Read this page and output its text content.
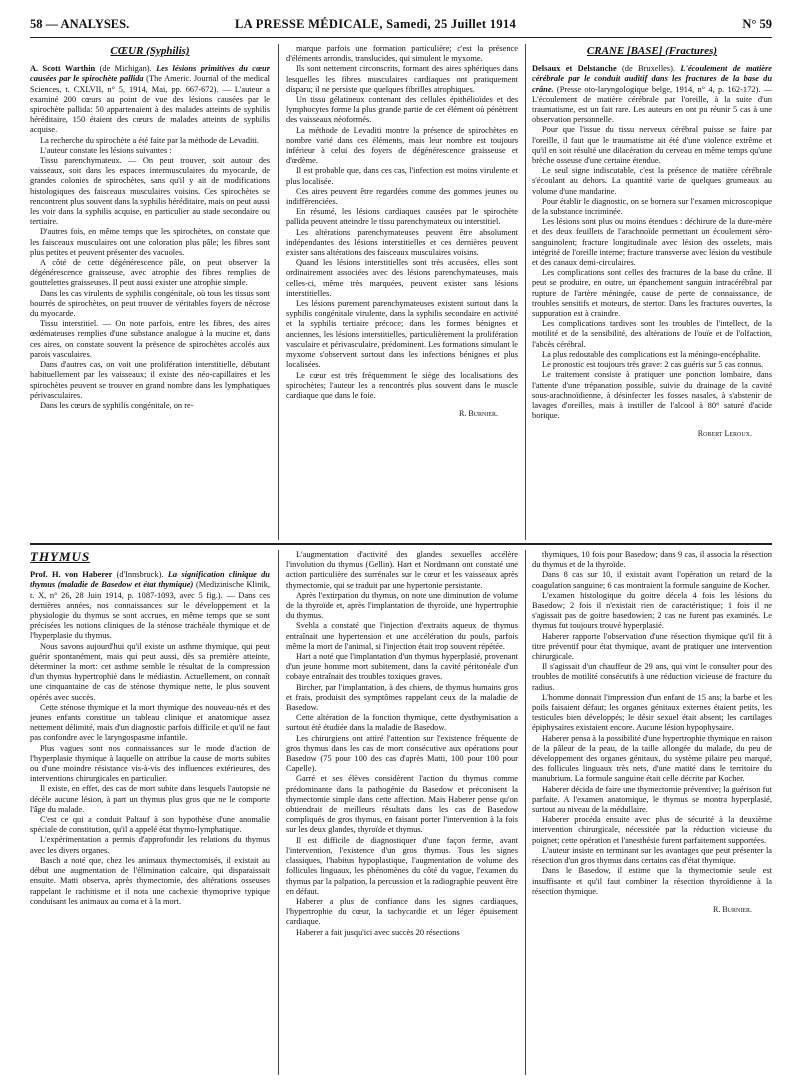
58 — ANALYSES.	LA PRESSE MÉDICALE, Samedi, 25 Juillet 1914	N° 59
CŒUR (Syphilis)

A. Scott Warthin (de Michigan). Les lésions primitives du cœur causées par le spirochète pallida (The Americ. Journal of the medical Sciences, t. CXLVII, n° 5, 1914, Mai, pp. 667-672). — L'auteur a examiné 200 cœurs au point de vue des lésions causées par le spirochète pallida: 50 appartenaient à des malades atteints de syphilis héréditaire, 150 étaient des cœurs de malades atteints de syphilis acquise.

La recherche du spirochète a été faite par la méthode de Levaditi.

L'auteur constate les lésions suivantes :

Tissu parenchymateux. — On peut trouver, soit autour des vaisseaux, soit dans les espaces intermusculaires du myocarde, de grandes colonies de spirochètes, sans qu'il y ait de modifications histologiques des faisceaux musculaires voisins. Ces spirochètes se rencontrent plus souvent dans la syphilis héréditaire, mais on peut aussi les voir dans la syphilis acquise, en particulier au stade secondaire ou tertiaire.

D'autres fois, en même temps que les spirochètes, on constate que les faisceaux musculaires ont une coloration plus pâle; les fibres sont plus petites et peuvent présenter des vacuoles.

A côté de cette dégénérescence pâle, on peut observer la dégénérescence graisseuse, avec atrophie des fibres remplies de gouttelettes graisseuses. Il peut aussi exister une atrophie simple.

Dans les cas virulents de syphilis congénitale, où tous les tissus sont bourrés de spirochètes, on peut trouver de véritables foyers de nécrose du myocarde.

Tissu interstitiel. — On note parfois, entre les fibres, des aires œdémateuses remplies d'une substance analogue à la mucine et, dans ces aires, on constate souvent la présence de spirochètes accolés aux parois vasculaires.

Dans d'autres cas, on voit une prolifération interstitielle, débutant habituellement par les vaisseaux; il existe des néo-capillaires et les spirochètes peuvent se trouver en grand nombre dans les lymphatiques périvasculaires.

Dans les cœurs de syphilis congénitale, on re-

marque parfois une formation particulière; c'est la présence d'éléments arrondis, translucides, qui simulent le myxome.

Ils sont nettement circonscrits, formant des aires sphériques dans lesquelles les fibres musculaires cardiaques ont pratiquement disparu; il ne persiste que quelques fibrilles atrophiques.

Un tissu gélatineux contenant des cellules épithélioïdes et des lymphocytes forme la plus grande partie de cet élément où pénètrent des vaisseaux néoformés.

La méthode de Levaditi montre la présence de spirochètes en nombre varié dans ces éléments, mais leur nombre est toujours inférieur à celui des foyers de dégénérescence graisseuse et d'œdème.

Il est probable que, dans ces cas, l'infection est moins virulente et plus localisée.

Ces aires peuvent être regardées comme des gommes jeunes ou indifférenciées.

En résumé, les lésions cardiaques causées par le spirochète pallida peuvent atteindre le tissu parenchymateux ou interstitiel.

Les altérations parenchymateuses peuvent être absolument indépendantes des lésions interstitielles et ces dernières peuvent exister sans altérations des faisceaux musculaires voisins.

Quand les lésions interstitielles sont très accusées, elles sont ordinairement associées avec des lésions parenchymateuses, mais celles-ci, même très marquées, peuvent exister sans lésions interstitielles.

Les lésions purement parenchymateuses existent surtout dans la syphilis congénitale virulente, dans la syphilis secondaire en activité et la syphilis tertiaire précoce; dans les formes bénignes et anciennes, les lésions interstitielles, particulièrement la prolifération vasculaire et périvasculaire, prédominent. Les formations simulant le myxome s'observent surtout dans les infections bénignes et plus localisées.

Le cœur est très fréquemment le siège des localisations des spirochètes; l'auteur les a rencontrés plus souvent dans le muscle cardiaque que dans le foie.

R. Burnier.
CRANE [BASE] (Fractures)

Delsaux et Delstanche (de Bruxelles). L'écoulement de matière cérébrale par le conduit auditif dans les fractures de la base du crâne. (Presse oto-laryngologique belge, 1914, n° 4, p. 162-172). — L'écoulement de matière cérébrale par l'oreille, à la suite d'un traumatisme, est un fait rare. Les auteurs en ont pu réunir 5 cas à une observation personnelle.

Pour que l'issue du tissu nerveux cérébral puisse se faire par l'oreille, il faut que le traumatisme ait été d'une violence extrême et qu'il en soit résulté une dilacération du cerveau en même temps qu'une brèche osseuse d'une certaine étendue.

Le seul signe indiscutable, c'est la présence de matière cérébrale s'écoulant au dehors. La quantité varie de quelques grumeaux au volume d'une mandarine.

Pour établir le diagnostic, on se bornera sur l'examen microscopique de la substance incriminée.

Les lésions sont plus ou moins étendues : déchirure de la dure-mère et des deux feuillets de l'arachnoïde permettant un écoulement séro-sanguinolent; fracture longitudinale avec lésion des osselets, mais intégrité de l'oreille interne; fracture transverse avec lésion du vestibule et des canaux demi-circulaires.

Les complications sont celles des fractures de la base du crâne. Il peut se produire, en outre, un épanchement sanguin intracérébral par rupture de l'artère méningée, cause de perte de connaissance, de troubles sensitifs et moteurs, de stertor. Dans les fractures ouvertes, la suppuration est à craindre.

Les complications tardives sont les troubles de l'intellect, de la motilité et de la sensibilité, des altérations de l'ouïe et de l'olfaction, l'abcès cérébral.

La plus redoutable des complications est la méningo-encéphalite.

Le pronostic est toujours très grave: 2 cas guéris sur 5 cas connus.

Le traitement consiste à pratiquer une ponction lombaire, dans l'attente d'une trépanation possible, suivie du drainage de la cavité sous-arachnoïdienne, à désinfecter les fosses nasales, à s'abstenir de lavages d'oreilles, mais à instiller de l'alcool à 80° saturé d'acide borique.

Robert Leroux.
THYMUS

Prof. H. von Haberer (d'Innsbruck). La signification clinique du thymus (maladie de Basedow et état thymique) (Medizinische Klinik, t. X, n° 26, 28 Juin 1914, p. 1087-1093, avec 5 fig.). — Dans ces dernières années, nos connaissances sur le développement et la physiologie du thymus se sont accrues, en même temps que se sont précisées les notions cliniques de la sténose trachéale thymique et de l'hyperplasie du thymus.

Nous savons aujourd'hui qu'il existe un asthme thymique, qui peut guérir spontanément, mais qui peut aussi, dès sa première atteinte, déterminer la mort: cet asthme semble le résultat de la compression d'un thymus hypertrophié dans le médiastin. Actuellement, on connaît une cinquantaine de cas de sténose thymique nette, le plus souvent opérés avec succès.

Cette sténose thymique et la mort thymique des nouveau-nés et des jeunes enfants constitue un tableau clinique et anatomique assez nettement délimité, mais d'un diagnostic parfois difficile et qu'il ne faut pas confondre avec le laryngospasme infantile.

Plus vagues sont nos connaissances sur le mode d'action de l'hyperplasie thymique à laquelle on attribue la cause de morts subites ou d'une moindre résistance vis-à-vis des influences extérieures, des interventions chirurgicales en particulier.

Il existe, en effet, des cas de mort subite dans lesquels l'autopsie ne décèle aucune lésion, à part un thymus plus gros que ne le comporte l'âge du malade.

C'est ce qui a conduit Paltauf à son hypothèse d'une anomalie spéciale de constitution, qu'il a appelé état thymo-lymphatique.

L'expérimentation a permis d'approfondir les relations du thymus avec les divers organes.

Basch a noté que, chez les animaux thymectomisés, il existait au début une augmentation de l'élimination calcaire, qui disparaissait ensuite. Matti observa, après thymectomie, des altérations osseuses rappelant le rachitisme et il nota une cachexie thymoprive typique conduisant les animaux au coma et à la mort.

L'augmentation d'activité des glandes sexuelles accélère l'involution du thymus (Gellin). Hart et Nordmann ont constaté une action particulière des surrénales sur le cœur et les vaisseaux après thymectomie, qui se traduit par une hypertonie persistante.

Après l'extirpation du thymus, on note une diminution de volume de la thyroïde et, après l'implantation de thyroïde, une hypertrophie du thymus.

Svehla a constaté que l'injection d'extraits aqueux de thymus entraînait une hypertension et une accélération du pouls, parfois même la mort de l'animal, si l'injection était trop souvent répétée.

Hart a noté que l'implantation d'un thymus hyperplasié, provenant d'un jeune homme mort subitement, dans la cavité péritonéale d'un cobaye entraînait des troubles toxiques graves.

Bircher, par l'implantation, à des chiens, de thymus humains gros et frais, produisit des symptômes rappelant ceux de la maladie de Basedow.

Cette altération de la fonction thymique, cette dysthymisation a surtout été étudiée dans la maladie de Basedow.

Les chirurgiens ont attiré l'attention sur l'existence fréquente de gros thymus dans les cas de mort consécutive aux opérations pour Basedow (75 pour 100 des cas d'après Matti, 100 pour 100 pour Capelle).

Garré et ses élèves considèrent l'action du thymus comme prédominante dans la pathogénie du Basedow et préconisent la thymectomie simple dans cette affection. Mais Haberer pense qu'on obtiendrait de meilleurs résultats dans les cas de Basedow compliqués de gros thymus, en faisant porter l'intervention à la fois sur les deux glandes, thyroïde et thymus.

Il est difficile de diagnostiquer d'une façon ferme, avant l'intervention, l'existence d'un gros thymus. Tous les signes classiques, l'habitus hypoplastique, l'augmentation de volume des follicules linguaux, les phénomènes du côté du vague, l'examen du thymus par la palpation, la percussion et la radiographie peuvent être en défaut.

Haberer a plus de confiance dans les signes cardiaques, l'hypertrophie du cœur, la tachycardie et un léger épuisement cardiaque.

Haberer a fait jusqu'ici avec succès 20 résections

thymiques, 10 fois pour Basedow; dans 9 cas, il associa la résection du thymus et de la thyroïde.

Dans 8 cas sur 10, il existait avant l'opération un retard de la coagulation sanguine; 6 cas montraient la formule sanguine de Kocher.

L'examen histologique du goitre décela 4 fois les lésions du Basedow; 2 fois il n'existait rien de caractéristique; 1 fois il ne s'agissait pas de goitre basedowien; 2 cas ne furent pas examinés. Le thymus fut toujours trouvé hyperplasié.

Haberer rapporte l'observation d'une résection thymique qu'il fit à titre préventif pour état thymique, avant de pratiquer une intervention chirurgicale.

Il s'agissait d'un chauffeur de 29 ans, qui vint le consulter pour des troubles de motilité consécutifs à une réduction vicieuse de fracture du radius.

L'homme donnait l'impression d'un enfant de 15 ans; la barbe et les poils faisaient défaut; les organes génitaux externes étaient petits, les testicules bien développés; le désir sexuel était absent; les cartilages épiphysaires existaient encore. Aucune lésion hypophysaire.

Haberer pensa à la possibilité d'une hypertrophie thymique en raison de la pâleur de la peau, de la taille allongée du malade, du peu de développement des organes génitaux, du système pilaire peu marqué, des follicules linguaux très nets, d'une matité dans le territoire du manubrium. La formule sanguine était celle décrite par Kocher.

Haberer décida de faire une thymectomie préventive; la guérison fut parfaite. A l'examen anatomique, le thymus se montra hyperplasié, surtout au niveau de la médullaire.

Haberer procéda ensuite avec plus de sécurité à la deuxième intervention chirurgicale, nécessitée par la réduction vicieuse du poignet; cette opération et l'anesthésie furent parfaitement supportées.

L'auteur insiste en terminant sur les avantages que peut présenter la résection d'un gros thymus dans certains cas d'état thymique.

Dans le Basedow, il estime que la thymectomie seule est insuffisante et qu'il faut combiner la résection thyroïdienne à la résection thymique.

R. Burnier.
